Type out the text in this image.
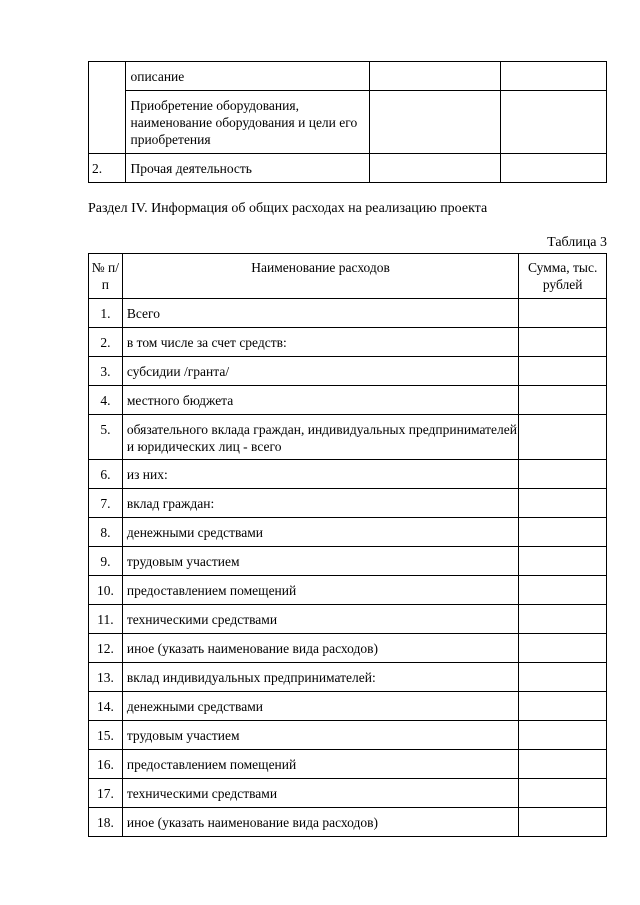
	описание		
	Приобретение оборудования, наименование оборудования и цели его приобретения		
2.	Прочая деятельность		
Раздел IV. Информация об общих расходах на реализацию проекта
Таблица 3
№ п/п	Наименование расходов	Сумма, тыс. рублей
1.	Всего	
2.	в том числе за счет средств:	
3.	субсидии /гранта/	
4.	местного бюджета	
5.	обязательного вклада граждан, индивидуальных предпринимателей и юридических лиц - всего	
6.	из них:	
7.	вклад граждан:	
8.	денежными средствами	
9.	трудовым участием	
10.	предоставлением помещений	
11.	техническими средствами	
12.	иное (указать наименование вида расходов)	
13.	вклад индивидуальных предпринимателей:	
14.	денежными средствами	
15.	трудовым участием	
16.	предоставлением помещений	
17.	техническими средствами	
18.	иное (указать наименование вида расходов)	
